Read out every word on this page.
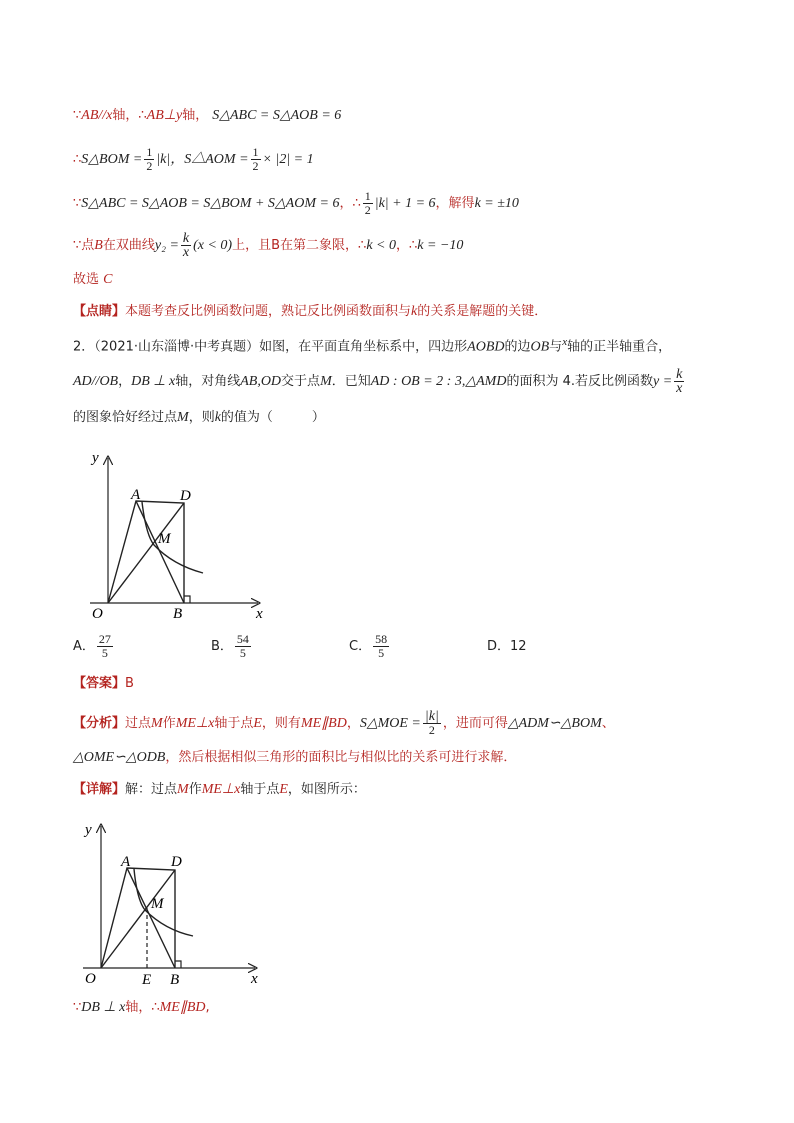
∵AB//x轴，∴AB⊥y轴， S△ABC = S△AOB = 6
∴S△BOM = $\frac{1}{2} |k|$，S△AOM = $\frac{1}{2} \times |2| = 1$
∵S△ABC = S△AOB = S△BOM + S△AOM = 6，∴ $\frac{1}{2} |k| + 1 = 6$，解得k = ±10
∵点B在双曲线$y_2 = \frac{k}{x} (x < 0)$上，且B在第二象限，∴k < 0，∴k = −10
故选 C
【点睛】本题考查反比例函数问题，熟记反比例函数面积与k的关系是解题的关键．
2．（2021·山东淄博·中考真题）如图，在平面直角坐标系中，四边形AOBD的边OB与$^x$轴的正半轴重合，
AD//OB，DB ⊥ x轴，对角线AB,OD交于点M．已知AD : OB = 2 : 3,△AMD的面积为 4.若反比例函数$y = \frac{k}{x}$
的图象恰好经过点M，则k的值为（　　　）
y
x
O
A	D
M
B
A． $\frac{27}{5}$	B． $\frac{54}{5}$	C． $\frac{58}{5}$	D．12
【答案】B
【分析】过点M作ME⊥x轴于点E，则有ME∥BD，S△MOE = $\frac{|k|}{2}$ ，进而可得△ADM∽△BOM、
△OME∽△ODB，然后根据相似三角形的面积比与相似比的关系可进行求解．
【详解】解：过点M作ME⊥x轴于点E，如图所示：
y
x
O
A	D
M
E B
∵DB ⊥ x轴，∴ME∥BD,
